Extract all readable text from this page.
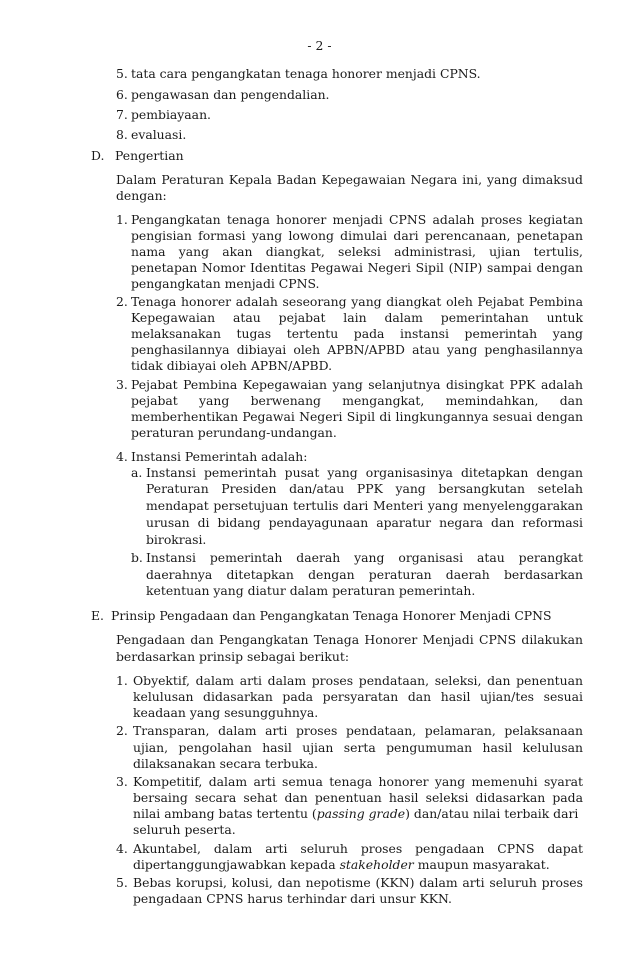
- 2 -
5. tata cara pengangkatan tenaga honorer menjadi CPNS.
6. pengawasan dan pengendalian.
7. pembiayaan.
8. evaluasi.
D. Pengertian
Dalam Peraturan Kepala Badan Kepegawaian Negara ini, yang dimaksud
dengan:
1. Pengangkatan tenaga honorer menjadi CPNS adalah proses kegiatan
pengisian formasi yang lowong dimulai dari perencanaan, penetapan
nama yang akan diangkat, seleksi administrasi, ujian tertulis,
penetapan Nomor Identitas Pegawai Negeri Sipil (NIP) sampai dengan
pengangkatan menjadi CPNS.
2. Tenaga honorer adalah seseorang yang diangkat oleh Pejabat Pembina
Kepegawaian atau pejabat lain dalam pemerintahan untuk
melaksanakan tugas tertentu pada instansi pemerintah yang
penghasilannya dibiayai oleh APBN/APBD atau yang penghasilannya
tidak dibiayai oleh APBN/APBD.
3. Pejabat Pembina Kepegawaian yang selanjutnya disingkat PPK adalah
pejabat yang berwenang mengangkat, memindahkan, dan
memberhentikan Pegawai Negeri Sipil di lingkungannya sesuai dengan
peraturan perundang-undangan.
4. Instansi Pemerintah adalah:
a. Instansi pemerintah pusat yang organisasinya ditetapkan dengan
Peraturan Presiden dan/atau PPK yang bersangkutan setelah
mendapat persetujuan tertulis dari Menteri yang menyelenggarakan
urusan di bidang pendayagunaan aparatur negara dan reformasi
birokrasi.
b. Instansi pemerintah daerah yang organisasi atau perangkat
daerahnya ditetapkan dengan peraturan daerah berdasarkan
ketentuan yang diatur dalam peraturan pemerintah.
E. Prinsip Pengadaan dan Pengangkatan Tenaga Honorer Menjadi CPNS
Pengadaan dan Pengangkatan Tenaga Honorer Menjadi CPNS dilakukan
berdasarkan prinsip sebagai berikut:
1. Obyektif, dalam arti dalam proses pendataan, seleksi, dan penentuan
kelulusan didasarkan pada persyaratan dan hasil ujian/tes sesuai
keadaan yang sesungguhnya.
2. Transparan, dalam arti proses pendataan, pelamaran, pelaksanaan
ujian, pengolahan hasil ujian serta pengumuman hasil kelulusan
dilaksanakan secara terbuka.
3. Kompetitif, dalam arti semua tenaga honorer yang memenuhi syarat
bersaing secara sehat dan penentuan hasil seleksi didasarkan pada
nilai ambang batas tertentu (passing grade) dan/atau nilai terbaik dari
seluruh peserta.
4. Akuntabel, dalam arti seluruh proses pengadaan CPNS dapat
dipertanggungjawabkan kepada stakeholder maupun masyarakat.
5. Bebas korupsi, kolusi, dan nepotisme (KKN) dalam arti seluruh proses
pengadaan CPNS harus terhindar dari unsur KKN.
